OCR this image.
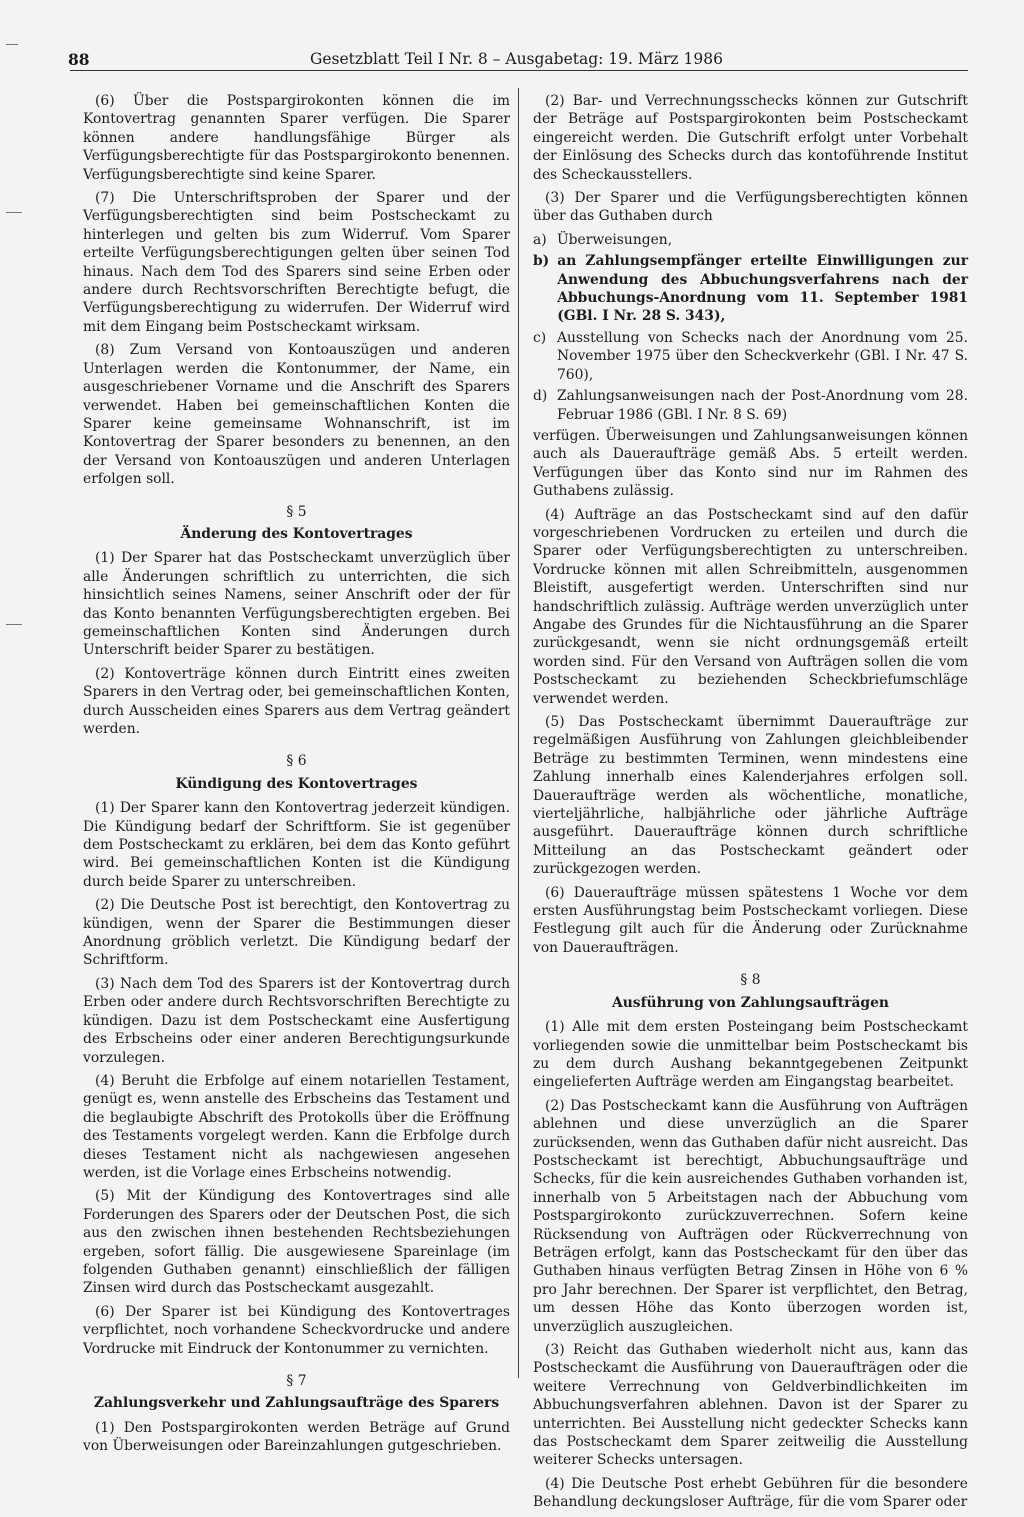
88	Gesetzblatt Teil I Nr. 8 – Ausgabetag: 19. März 1986

(6) Über die Postspargirokonten können die im Kontovertrag genannten Sparer verfügen. Die Sparer können andere handlungsfähige Bürger als Verfügungsberechtigte für das Postspargirokonto benennen. Verfügungsberechtigte sind keine Sparer.

(7) Die Unterschriftsproben der Sparer und der Verfügungsberechtigten sind beim Postscheckamt zu hinterlegen und gelten bis zum Widerruf. Vom Sparer erteilte Verfügungsberechtigungen gelten über seinen Tod hinaus. Nach dem Tod des Sparers sind seine Erben oder andere durch Rechtsvorschriften Berechtigte befugt, die Verfügungsberechtigung zu widerrufen. Der Widerruf wird mit dem Eingang beim Postscheckamt wirksam.

(8) Zum Versand von Kontoauszügen und anderen Unterlagen werden die Kontonummer, der Name, ein ausgeschriebener Vorname und die Anschrift des Sparers verwendet. Haben bei gemeinschaftlichen Konten die Sparer keine gemeinsame Wohnanschrift, ist im Kontovertrag der Sparer besonders zu benennen, an den der Versand von Kontoauszügen und anderen Unterlagen erfolgen soll.

§ 5
Änderung des Kontovertrages

(1) Der Sparer hat das Postscheckamt unverzüglich über alle Änderungen schriftlich zu unterrichten, die sich hinsichtlich seines Namens, seiner Anschrift oder der für das Konto benannten Verfügungsberechtigten ergeben. Bei gemeinschaftlichen Konten sind Änderungen durch Unterschrift beider Sparer zu bestätigen.

(2) Kontoverträge können durch Eintritt eines zweiten Sparers in den Vertrag oder, bei gemeinschaftlichen Konten, durch Ausscheiden eines Sparers aus dem Vertrag geändert werden.

§ 6
Kündigung des Kontovertrages

(1) Der Sparer kann den Kontovertrag jederzeit kündigen. Die Kündigung bedarf der Schriftform. Sie ist gegenüber dem Postscheckamt zu erklären, bei dem das Konto geführt wird. Bei gemeinschaftlichen Konten ist die Kündigung durch beide Sparer zu unterschreiben.

(2) Die Deutsche Post ist berechtigt, den Kontovertrag zu kündigen, wenn der Sparer die Bestimmungen dieser Anordnung gröblich verletzt. Die Kündigung bedarf der Schriftform.

(3) Nach dem Tod des Sparers ist der Kontovertrag durch Erben oder andere durch Rechtsvorschriften Berechtigte zu kündigen. Dazu ist dem Postscheckamt eine Ausfertigung des Erbscheins oder einer anderen Berechtigungsurkunde vorzulegen.

(4) Beruht die Erbfolge auf einem notariellen Testament, genügt es, wenn anstelle des Erbscheins das Testament und die beglaubigte Abschrift des Protokolls über die Eröffnung des Testaments vorgelegt werden. Kann die Erbfolge durch dieses Testament nicht als nachgewiesen angesehen werden, ist die Vorlage eines Erbscheins notwendig.

(5) Mit der Kündigung des Kontovertrages sind alle Forderungen des Sparers oder der Deutschen Post, die sich aus den zwischen ihnen bestehenden Rechtsbeziehungen ergeben, sofort fällig. Die ausgewiesene Spareinlage (im folgenden Guthaben genannt) einschließlich der fälligen Zinsen wird durch das Postscheckamt ausgezahlt.

(6) Der Sparer ist bei Kündigung des Kontovertrages verpflichtet, noch vorhandene Scheckvordrucke und andere Vordrucke mit Eindruck der Kontonummer zu vernichten.

§ 7
Zahlungsverkehr und Zahlungsaufträge des Sparers

(1) Den Postspargirokonten werden Beträge auf Grund von Überweisungen oder Bareinzahlungen gutgeschrieben.

(2) Bar- und Verrechnungsschecks können zur Gutschrift der Beträge auf Postspargirokonten beim Postscheckamt eingereicht werden. Die Gutschrift erfolgt unter Vorbehalt der Einlösung des Schecks durch das kontoführende Institut des Scheckausstellers.

(3) Der Sparer und die Verfügungsberechtigten können über das Guthaben durch

a) Überweisungen,
b) an Zahlungsempfänger erteilte Einwilligungen zur Anwendung des Abbuchungsverfahrens nach der Abbuchungs-Anordnung vom 11. September 1981 (GBl. I Nr. 28 S. 343),
c) Ausstellung von Schecks nach der Anordnung vom 25. November 1975 über den Scheckverkehr (GBl. I Nr. 47 S. 760),
d) Zahlungsanweisungen nach der Post-Anordnung vom 28. Februar 1986 (GBl. I Nr. 8 S. 69)

verfügen. Überweisungen und Zahlungsanweisungen können auch als Daueraufträge gemäß Abs. 5 erteilt werden. Verfügungen über das Konto sind nur im Rahmen des Guthabens zulässig.

(4) Aufträge an das Postscheckamt sind auf den dafür vorgeschriebenen Vordrucken zu erteilen und durch die Sparer oder Verfügungsberechtigten zu unterschreiben. Vordrucke können mit allen Schreibmitteln, ausgenommen Bleistift, ausgefertigt werden. Unterschriften sind nur handschriftlich zulässig. Aufträge werden unverzüglich unter Angabe des Grundes für die Nichtausführung an die Sparer zurückgesandt, wenn sie nicht ordnungsgemäß erteilt worden sind. Für den Versand von Aufträgen sollen die vom Postscheckamt zu beziehenden Scheckbriefumschläge verwendet werden.

(5) Das Postscheckamt übernimmt Daueraufträge zur regelmäßigen Ausführung von Zahlungen gleichbleibender Beträge zu bestimmten Terminen, wenn mindestens eine Zahlung innerhalb eines Kalenderjahres erfolgen soll. Daueraufträge werden als wöchentliche, monatliche, vierteljährliche, halbjährliche oder jährliche Aufträge ausgeführt. Daueraufträge können durch schriftliche Mitteilung an das Postscheckamt geändert oder zurückgezogen werden.

(6) Daueraufträge müssen spätestens 1 Woche vor dem ersten Ausführungstag beim Postscheckamt vorliegen. Diese Festlegung gilt auch für die Änderung oder Zurücknahme von Daueraufträgen.

§ 8
Ausführung von Zahlungsaufträgen

(1) Alle mit dem ersten Posteingang beim Postscheckamt vorliegenden sowie die unmittelbar beim Postscheckamt bis zu dem durch Aushang bekanntgegebenen Zeitpunkt eingelieferten Aufträge werden am Eingangstag bearbeitet.

(2) Das Postscheckamt kann die Ausführung von Aufträgen ablehnen und diese unverzüglich an die Sparer zurücksenden, wenn das Guthaben dafür nicht ausreicht. Das Postscheckamt ist berechtigt, Abbuchungsaufträge und Schecks, für die kein ausreichendes Guthaben vorhanden ist, innerhalb von 5 Arbeitstagen nach der Abbuchung vom Postspargirokonto zurückzuverrechnen. Sofern keine Rücksendung von Aufträgen oder Rückverrechnung von Beträgen erfolgt, kann das Postscheckamt für den über das Guthaben hinaus verfügten Betrag Zinsen in Höhe von 6 % pro Jahr berechnen. Der Sparer ist verpflichtet, den Betrag, um dessen Höhe das Konto überzogen worden ist, unverzüglich auszugleichen.

(3) Reicht das Guthaben wiederholt nicht aus, kann das Postscheckamt die Ausführung von Daueraufträgen oder die weitere Verrechnung von Geldverbindlichkeiten im Abbuchungsverfahren ablehnen. Davon ist der Sparer zu unterrichten. Bei Ausstellung nicht gedeckter Schecks kann das Postscheckamt dem Sparer zeitweilig die Ausstellung weiterer Schecks untersagen.

(4) Die Deutsche Post erhebt Gebühren für die besondere Behandlung deckungsloser Aufträge, für die vom Sparer oder
